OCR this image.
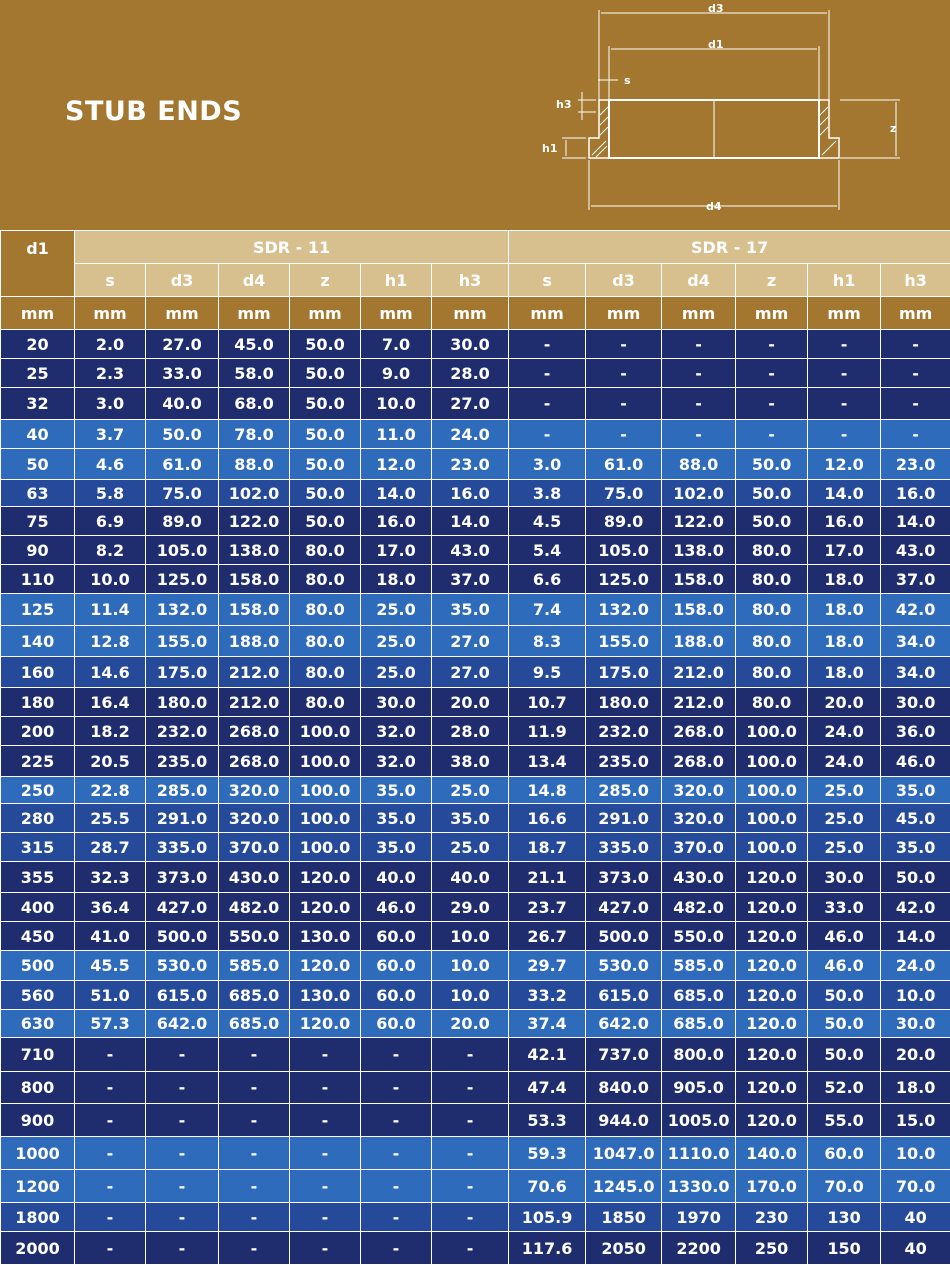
STUB ENDS
d3
d1
s
h3
h1
z
d4
d1	SDR - 11						SDR - 17					
	s	d3	d4	z	h1	h3	s	d3	d4	z	h1	h3
mm	mm	mm	mm	mm	mm	mm	mm	mm	mm	mm	mm	mm
20	2.0	27.0	45.0	50.0	7.0	30.0	-	-	-	-	-	-
25	2.3	33.0	58.0	50.0	9.0	28.0	-	-	-	-	-	-
32	3.0	40.0	68.0	50.0	10.0	27.0	-	-	-	-	-	-
40	3.7	50.0	78.0	50.0	11.0	24.0	-	-	-	-	-	-
50	4.6	61.0	88.0	50.0	12.0	23.0	3.0	61.0	88.0	50.0	12.0	23.0
63	5.8	75.0	102.0	50.0	14.0	16.0	3.8	75.0	102.0	50.0	14.0	16.0
75	6.9	89.0	122.0	50.0	16.0	14.0	4.5	89.0	122.0	50.0	16.0	14.0
90	8.2	105.0	138.0	80.0	17.0	43.0	5.4	105.0	138.0	80.0	17.0	43.0
110	10.0	125.0	158.0	80.0	18.0	37.0	6.6	125.0	158.0	80.0	18.0	37.0
125	11.4	132.0	158.0	80.0	25.0	35.0	7.4	132.0	158.0	80.0	18.0	42.0
140	12.8	155.0	188.0	80.0	25.0	27.0	8.3	155.0	188.0	80.0	18.0	34.0
160	14.6	175.0	212.0	80.0	25.0	27.0	9.5	175.0	212.0	80.0	18.0	34.0
180	16.4	180.0	212.0	80.0	30.0	20.0	10.7	180.0	212.0	80.0	20.0	30.0
200	18.2	232.0	268.0	100.0	32.0	28.0	11.9	232.0	268.0	100.0	24.0	36.0
225	20.5	235.0	268.0	100.0	32.0	38.0	13.4	235.0	268.0	100.0	24.0	46.0
250	22.8	285.0	320.0	100.0	35.0	25.0	14.8	285.0	320.0	100.0	25.0	35.0
280	25.5	291.0	320.0	100.0	35.0	35.0	16.6	291.0	320.0	100.0	25.0	45.0
315	28.7	335.0	370.0	100.0	35.0	25.0	18.7	335.0	370.0	100.0	25.0	35.0
355	32.3	373.0	430.0	120.0	40.0	40.0	21.1	373.0	430.0	120.0	30.0	50.0
400	36.4	427.0	482.0	120.0	46.0	29.0	23.7	427.0	482.0	120.0	33.0	42.0
450	41.0	500.0	550.0	130.0	60.0	10.0	26.7	500.0	550.0	120.0	46.0	14.0
500	45.5	530.0	585.0	120.0	60.0	10.0	29.7	530.0	585.0	120.0	46.0	24.0
560	51.0	615.0	685.0	130.0	60.0	10.0	33.2	615.0	685.0	120.0	50.0	10.0
630	57.3	642.0	685.0	120.0	60.0	20.0	37.4	642.0	685.0	120.0	50.0	30.0
710	-	-	-	-	-	-	42.1	737.0	800.0	120.0	50.0	20.0
800	-	-	-	-	-	-	47.4	840.0	905.0	120.0	52.0	18.0
900	-	-	-	-	-	-	53.3	944.0	1005.0	120.0	55.0	15.0
1000	-	-	-	-	-	-	59.3	1047.0	1110.0	140.0	60.0	10.0
1200	-	-	-	-	-	-	70.6	1245.0	1330.0	170.0	70.0	70.0
1800	-	-	-	-	-	-	105.9	1850	1970	230	130	40
2000	-	-	-	-	-	-	117.6	2050	2200	250	150	40
